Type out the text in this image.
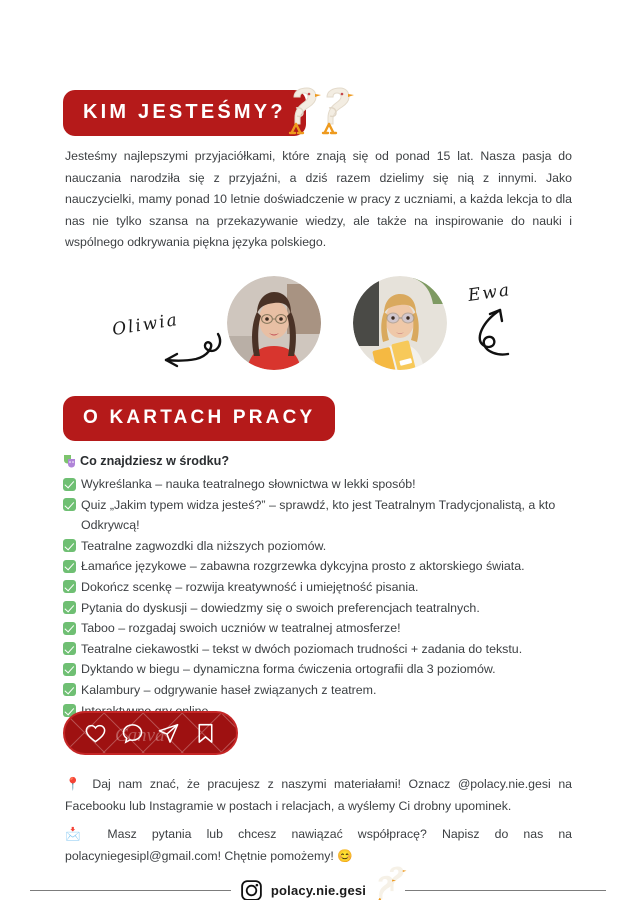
KIM JESTEŚMY?

Jesteśmy najlepszymi przyjaciółkami, które znają się od ponad 15 lat. Nasza pasja do nauczania narodziła się z przyjaźni, a dziś razem dzielimy się nią z innymi. Jako nauczycielki, mamy ponad 10 letnie doświadczenie w pracy z uczniami, a każda lekcja to dla nas nie tylko szansa na przekazywanie wiedzy, ale także na inspirowanie do nauki i wspólnego odkrywania piękna języka polskiego.

Oliwia
Ewa
O KARTACH PRACY
Co znajdziesz w środku?
Wykreślanka – nauka teatralnego słownictwa w lekki sposób!
Quiz „Jakim typem widza jesteś?” – sprawdź, kto jest Teatralnym Tradycjonalistą, a kto Odkrywcą!
Teatralne zagwozdki dla niższych poziomów.
Łamańce językowe – zabawna rozgrzewka dykcyjna prosto z aktorskiego świata.
Dokończ scenkę – rozwija kreatywność i umiejętność pisania.
Pytania do dyskusji – dowiedzmy się o swoich preferencjach teatralnych.
Taboo – rozgadaj swoich uczniów w teatralnej atmosferze!
Teatralne ciekawostki – tekst w dwóch poziomach trudności + zadania do tekstu.
Dyktando w biegu – dynamiczna forma ćwiczenia ortografii dla 3 poziomów.
Kalambury – odgrywanie haseł związanych z teatrem.
Canva

📍 Daj nam znać, że pracujesz z naszymi materiałami! Oznacz @polacy.nie.gesi na Facebooku lub Instagramie w postach i relacjach, a wyślemy Ci drobny upominek.

📩 Masz pytania lub chcesz nawiązać współpracę? Napisz do nas na polacyniegesipl@gmail.com! Chętnie pomożemy! 😊

polacy.nie.gesi
